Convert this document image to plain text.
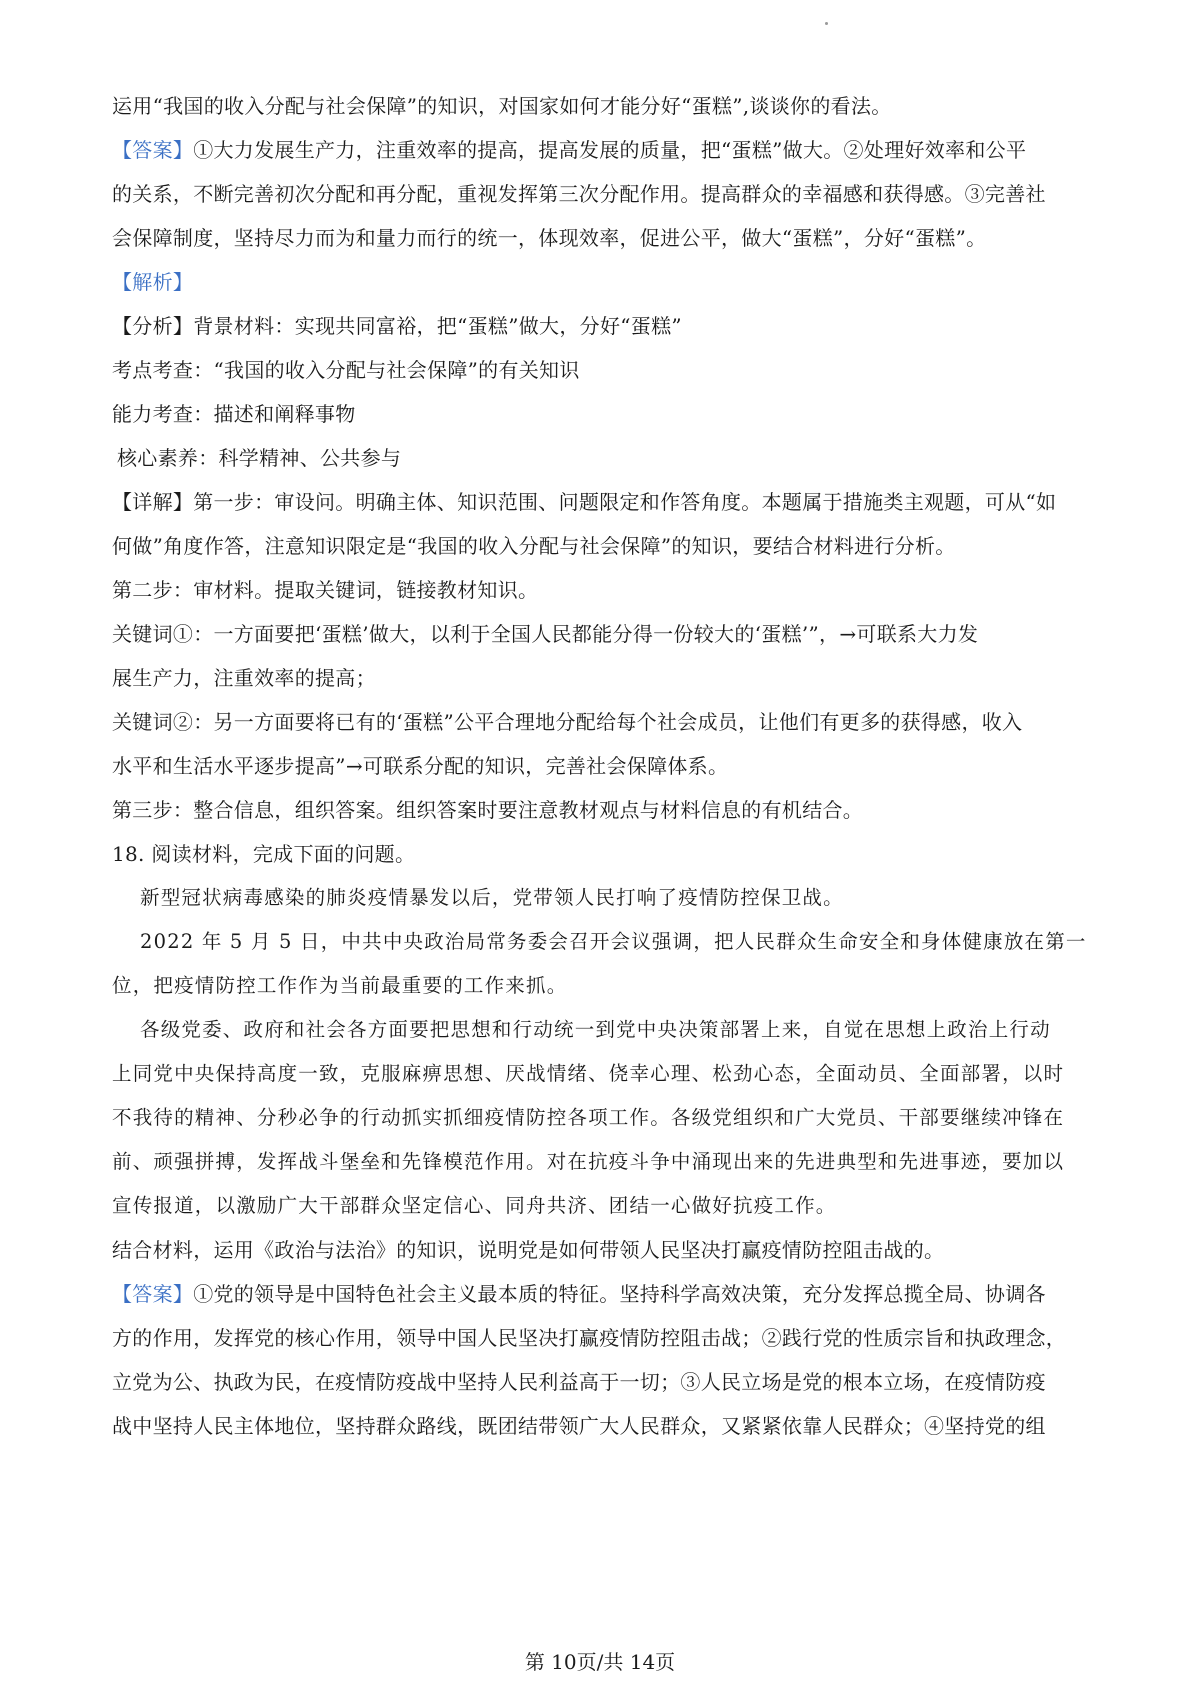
运用“我国的收入分配与社会保障”的知识，对国家如何才能分好“蛋糕”,谈谈你的看法。
【答案】①大力发展生产力，注重效率的提高，提高发展的质量，把“蛋糕”做大。②处理好效率和公平
的关系，不断完善初次分配和再分配，重视发挥第三次分配作用。提高群众的幸福感和获得感。③完善社
会保障制度，坚持尽力而为和量力而行的统一，体现效率，促进公平，做大“蛋糕”，分好“蛋糕”。
【解析】
【分析】背景材料：实现共同富裕，把“蛋糕”做大，分好“蛋糕”
考点考查：“我国的收入分配与社会保障”的有关知识
能力考查：描述和阐释事物
核心素养：科学精神、公共参与
【详解】第一步：审设问。明确主体、知识范围、问题限定和作答角度。本题属于措施类主观题，可从“如
何做”角度作答，注意知识限定是“我国的收入分配与社会保障”的知识，要结合材料进行分析。
第二步：审材料。提取关键词，链接教材知识。
关键词①：一方面要把‘蛋糕’做大，以利于全国人民都能分得一份较大的‘蛋糕’”，→可联系大力发
展生产力，注重效率的提高；
关键词②：另一方面要将已有的‘蛋糕”公平合理地分配给每个社会成员，让他们有更多的获得感，收入
水平和生活水平逐步提高”→可联系分配的知识，完善社会保障体系。
第三步：整合信息，组织答案。组织答案时要注意教材观点与材料信息的有机结合。
18. 阅读材料，完成下面的问题。
新型冠状病毒感染的肺炎疫情暴发以后，党带领人民打响了疫情防控保卫战。
2022 年 5 月 5 日，中共中央政治局常务委会召开会议强调，把人民群众生命安全和身体健康放在第一
位，把疫情防控工作作为当前最重要的工作来抓。
各级党委、政府和社会各方面要把思想和行动统一到党中央决策部署上来，自觉在思想上政治上行动
上同党中央保持高度一致，克服麻痹思想、厌战情绪、侥幸心理、松劲心态，全面动员、全面部署，以时
不我待的精神、分秒必争的行动抓实抓细疫情防控各项工作。各级党组织和广大党员、干部要继续冲锋在
前、顽强拼搏，发挥战斗堡垒和先锋模范作用。对在抗疫斗争中涌现出来的先进典型和先进事迹，要加以
宣传报道，以激励广大干部群众坚定信心、同舟共济、团结一心做好抗疫工作。
结合材料，运用《政治与法治》的知识，说明党是如何带领人民坚决打赢疫情防控阻击战的。
【答案】①党的领导是中国特色社会主义最本质的特征。坚持科学高效决策，充分发挥总揽全局、协调各
方的作用，发挥党的核心作用，领导中国人民坚决打赢疫情防控阻击战；②践行党的性质宗旨和执政理念，
立党为公、执政为民，在疫情防疫战中坚持人民利益高于一切；③人民立场是党的根本立场，在疫情防疫
战中坚持人民主体地位，坚持群众路线，既团结带领广大人民群众，又紧紧依靠人民群众；④坚持党的组
第 10页/共 14页
